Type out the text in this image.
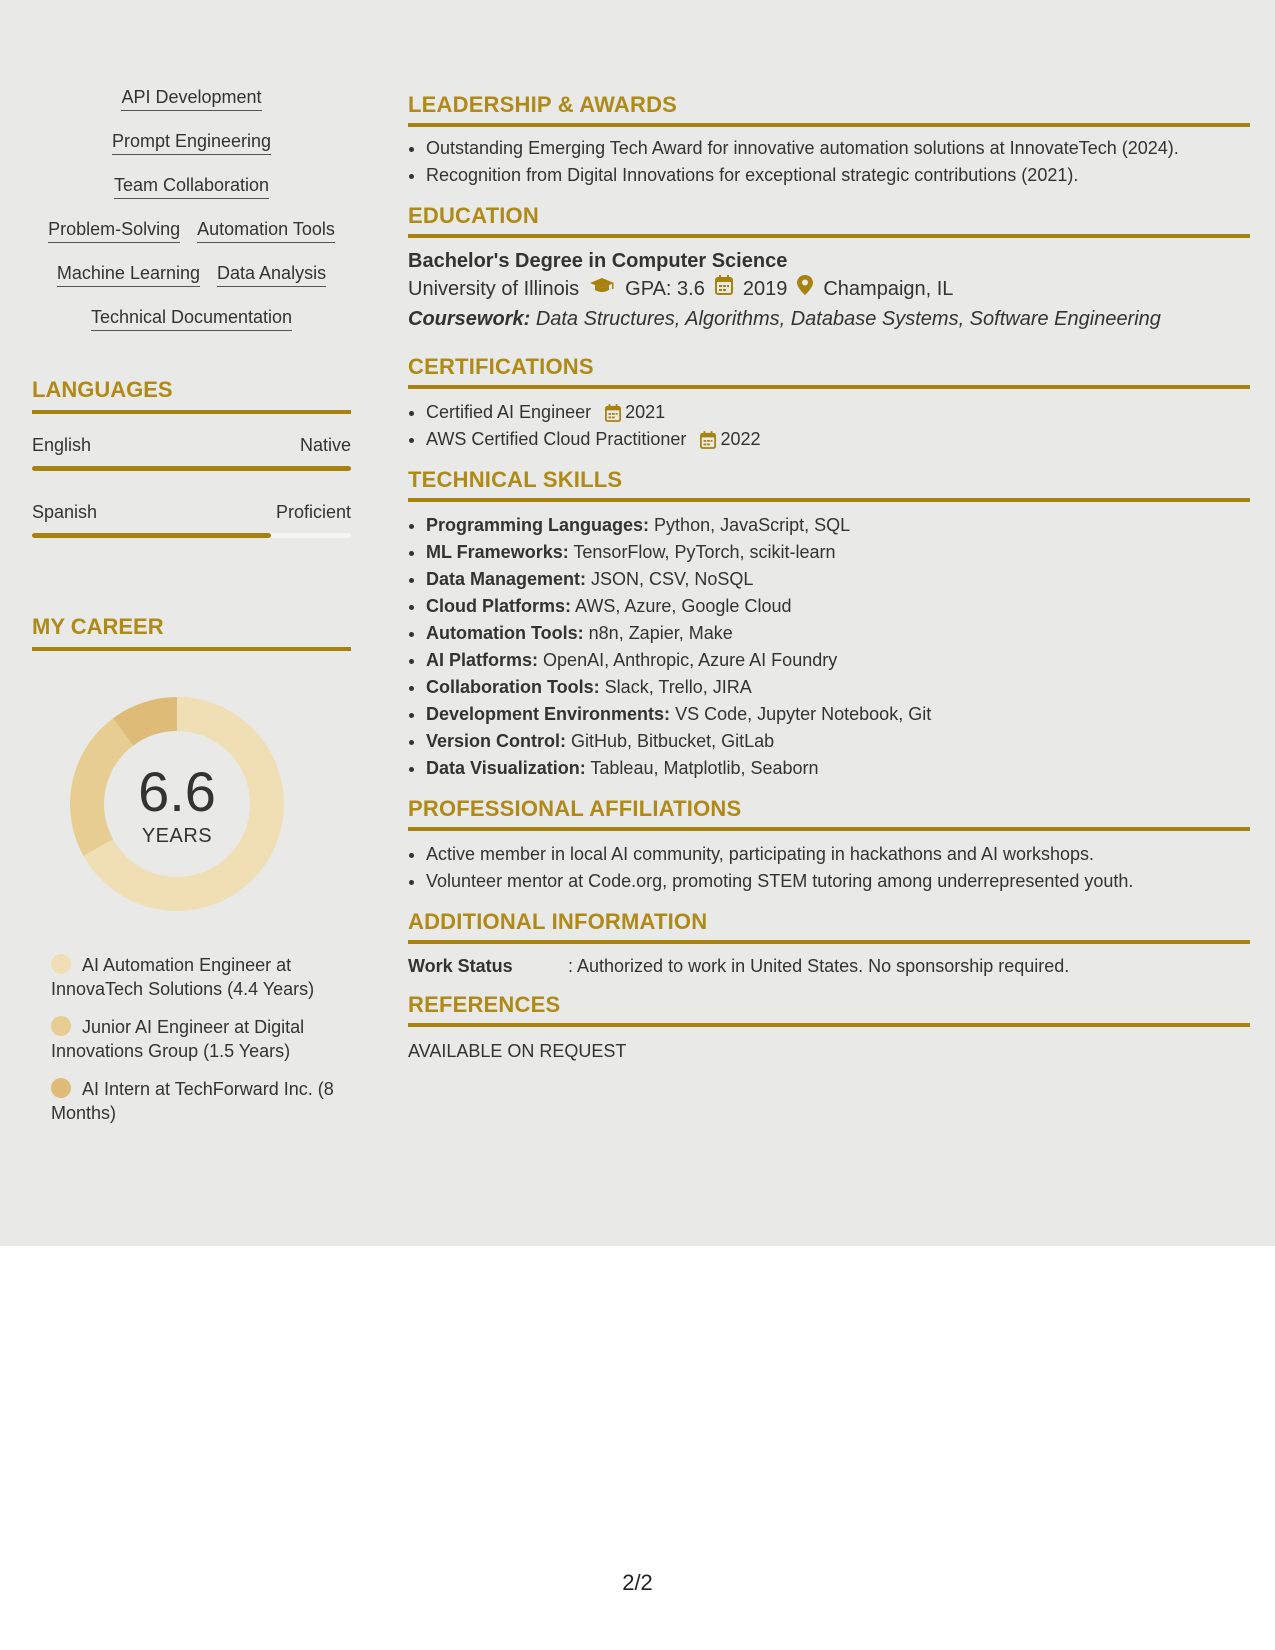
API Development
Prompt Engineering
Team Collaboration
Problem-Solving Automation Tools
Machine Learning Data Analysis
Technical Documentation
LANGUAGES
English	Native
Spanish	Proficient
MY CAREER
6.6
YEARS
AI Automation Engineer at InnovaTech Solutions (4.4 Years)
Junior AI Engineer at Digital Innovations Group (1.5 Years)
AI Intern at TechForward Inc. (8 Months)
LEADERSHIP & AWARDS
• Outstanding Emerging Tech Award for innovative automation solutions at InnovateTech (2024).
• Recognition from Digital Innovations for exceptional strategic contributions (2021).
EDUCATION
Bachelor's Degree in Computer Science
University of Illinois GPA: 3.6 2019 Champaign, IL
Coursework: Data Structures, Algorithms, Database Systems, Software Engineering
CERTIFICATIONS
• Certified AI Engineer 2021
• AWS Certified Cloud Practitioner 2022
TECHNICAL SKILLS
• Programming Languages: Python, JavaScript, SQL
• ML Frameworks: TensorFlow, PyTorch, scikit-learn
• Data Management: JSON, CSV, NoSQL
• Cloud Platforms: AWS, Azure, Google Cloud
• Automation Tools: n8n, Zapier, Make
• AI Platforms: OpenAI, Anthropic, Azure AI Foundry
• Collaboration Tools: Slack, Trello, JIRA
• Development Environments: VS Code, Jupyter Notebook, Git
• Version Control: GitHub, Bitbucket, GitLab
• Data Visualization: Tableau, Matplotlib, Seaborn
PROFESSIONAL AFFILIATIONS
• Active member in local AI community, participating in hackathons and AI workshops.
• Volunteer mentor at Code.org, promoting STEM tutoring among underrepresented youth.
ADDITIONAL INFORMATION
Work Status	: Authorized to work in United States. No sponsorship required.
REFERENCES
AVAILABLE ON REQUEST
2/2
